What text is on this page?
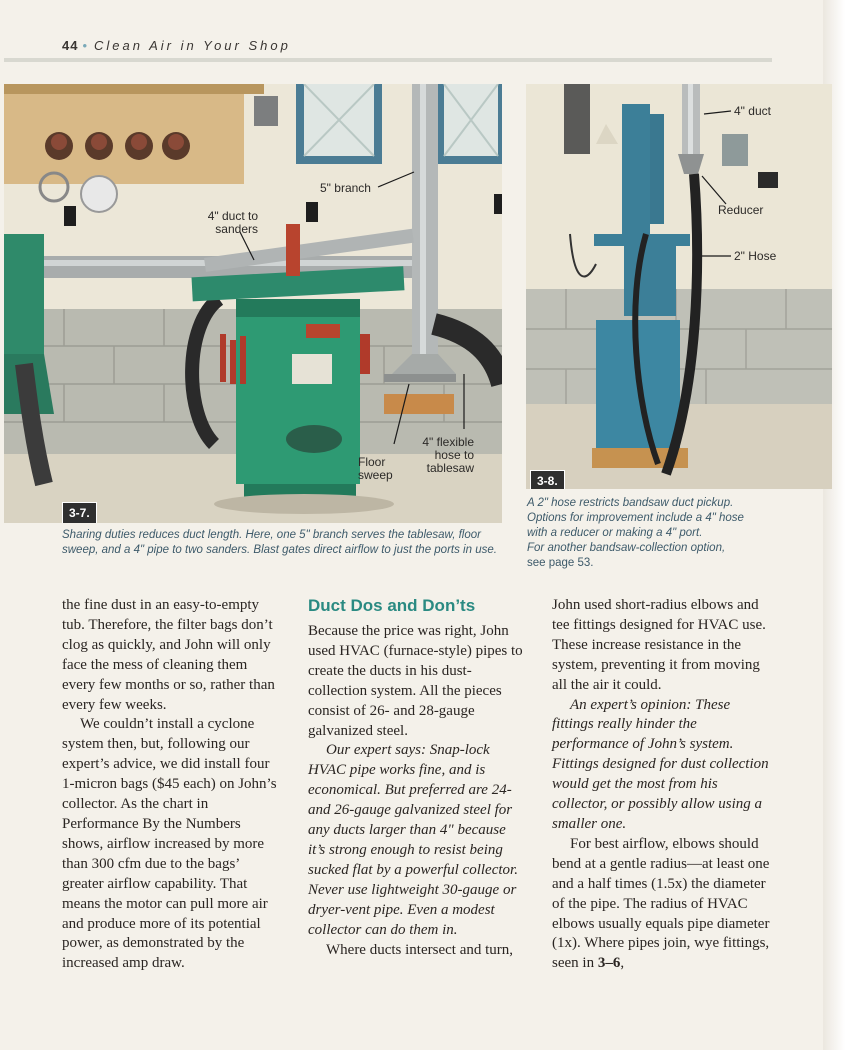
44 • Clean Air in Your Shop
5" branch
4" duct to
sanders
Floor
sweep
4" flexible
hose to
tablesaw
3-7.
4" duct
Reducer
2" Hose
3-8.
Sharing duties reduces duct length. Here, one 5" branch serves the tablesaw, floor sweep, and a 4" pipe to two sanders. Blast gates direct airflow to just the ports in use.
A 2" hose restricts bandsaw duct pickup.
Options for improvement include a 4" hose
with a reducer or making a 4" port.
For another bandsaw-collection option,
see page 53.

the fine dust in an easy-to-empty tub. Therefore, the filter bags don’t clog as quickly, and John will only face the mess of cleaning them every few months or so, rather than every few weeks.

We couldn’t install a cyclone system then, but, following our expert’s advice, we did install four 1-micron bags ($45 each) on John’s collector. As the chart in Performance By the Numbers shows, airflow increased by more than 300 cfm due to the bags’ greater airflow capability. That means the motor can pull more air and produce more of its potential power, as demonstrated by the increased amp draw.

Duct Dos and Don’ts

Because the price was right, John used HVAC (furnace-style) pipes to create the ducts in his dust-collection system. All the pieces consist of 26- and 28-gauge galvanized steel.

Our expert says: Snap-lock HVAC pipe works fine, and is economical. But preferred are 24- and 26-gauge galvanized steel for any ducts larger than 4" because it’s strong enough to resist being sucked flat by a powerful collector. Never use lightweight 30-gauge or dryer-vent pipe. Even a modest collector can do them in.

Where ducts intersect and turn,

John used short-radius elbows and tee fittings designed for HVAC use. These increase resistance in the system, preventing it from moving all the air it could.

An expert’s opinion: These fittings really hinder the performance of John’s system. Fittings designed for dust collection would get the most from his collector, or possibly allow using a smaller one.

For best airflow, elbows should bend at a gentle radius—at least one and a half times (1.5x) the diameter of the pipe. The radius of HVAC elbows usually equals pipe diameter (1x). Where pipes join, wye fittings, seen in 3–6,
